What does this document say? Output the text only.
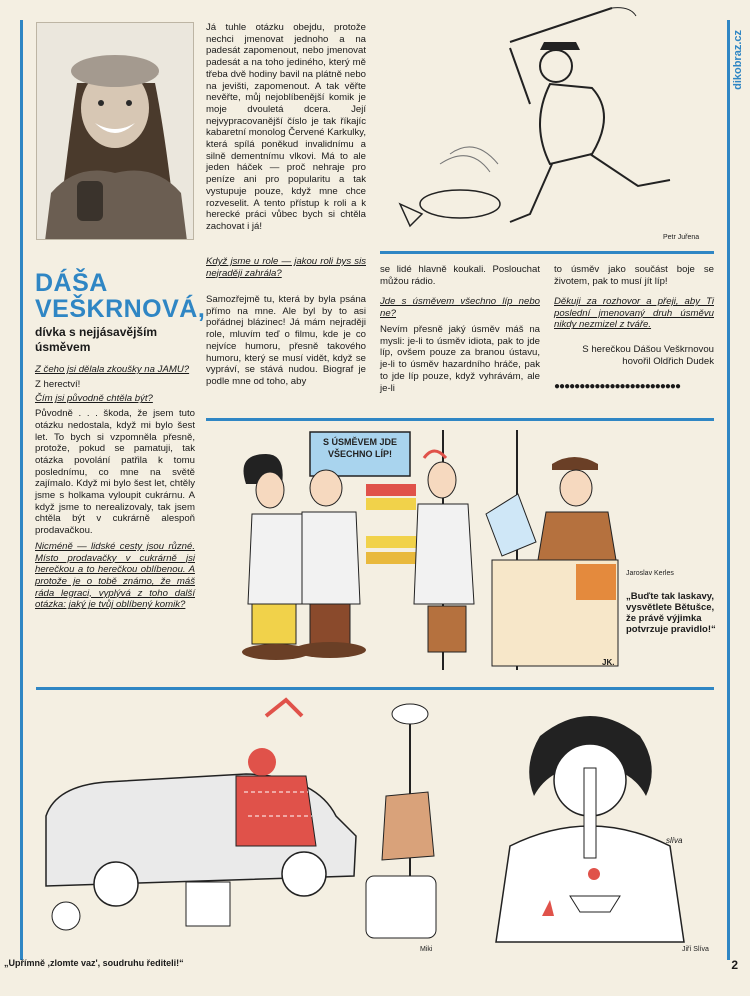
dikobraz.cz
DÁŠA
VEŠKRNOVÁ,
dívka s nejjásavějším úsměvem

Z čeho jsi dělala zkoušky na JAMU?

Z herectví!

Čím jsi původně chtěla být?

Původně . . . škoda, že jsem tuto otázku nedostala, když mi bylo šest let. To bych si vzpomněla přesně, protože, pokud se pamatuji, tak otázka povolání patřila k tomu poslednímu, co mne na světě zajímalo. Když mi bylo šest let, chtěly jsme s holkama vyloupit cukrárnu. A když jsme to nerealizovaly, tak jsem chtěla být v cukrárně alespoň prodavačkou.

Nicméně — lidské cesty jsou různé. Místo prodavačky v cukrárně jsi herečkou a to herečkou oblíbenou. A protože je o tobě známo, že máš ráda legraci, vyplývá z toho další otázka: jaký je tvůj oblíbený komik?

Já tuhle otázku obejdu, protože nechci jmenovat jednoho a na padesát zapomenout, nebo jmenovat padesát a na toho jediného, který mě třeba dvě hodiny bavil na plátně nebo na jevišti, zapomenout. A tak věřte nevěřte, můj nejoblíbenější komik je moje dvouletá dcera. Její nejvypracovanější číslo je tak říkajíc kabaretní monolog Červené Karkulky, která spílá poněkud invalidnímu a silně dementnímu vlkovi. Má to ale jeden háček — proč nehraje pro peníze ani pro popularitu a tak vystupuje pouze, když mne chce rozveselit. A tento přístup k roli a k herecké práci vůbec bych si chtěla zachovat i já!
Když jsme u role — jakou roli bys sis nejraději zahrála?
Samozřejmě tu, která by byla psána přímo na mne. Ale byl by to asi pořádnej blázinec! Já mám nejraději role, mluvím teď o filmu, kde je co nejvíce humoru, přesně takového humoru, který se musí vidět, když se vypráví, se stává nudou. Biograf je podle mne od toho, aby
Petr Juřena
se lidé hlavně koukali. Poslouchat můžou rádio.
Jde s úsměvem všechno líp nebo ne?
Nevím přesně jaký úsměv máš na mysli: je-li to úsměv idiota, pak to jde líp, ovšem pouze za branou ústavu, je-li to úsměv hazardního hráče, pak to jde líp pouze, když vyhrávám, ale je-li
to úsměv jako součást boje se životem, pak to musí jít líp!
Děkuji za rozhovor a přeji, aby Ti poslední jmenovaný druh úsměvu nikdy nezmizel z tváře.
S herečkou Dášou Veškrnovou
hovořil Oldřich Dudek
●●●●●●●●●●●●●●●●●●●●●●●●●
S ÚSMĚVEM JDE VŠECHNO LÍP!
JK.
Jaroslav Kerles
„Buďte tak laskavy, vysvětlete Bětušce, že právě výjimka potvrzuje pravidlo!“
Miki
slíva
Jiří Slíva
„Upřímně ,zlomte vaz', soudruhu řediteli!“	2
